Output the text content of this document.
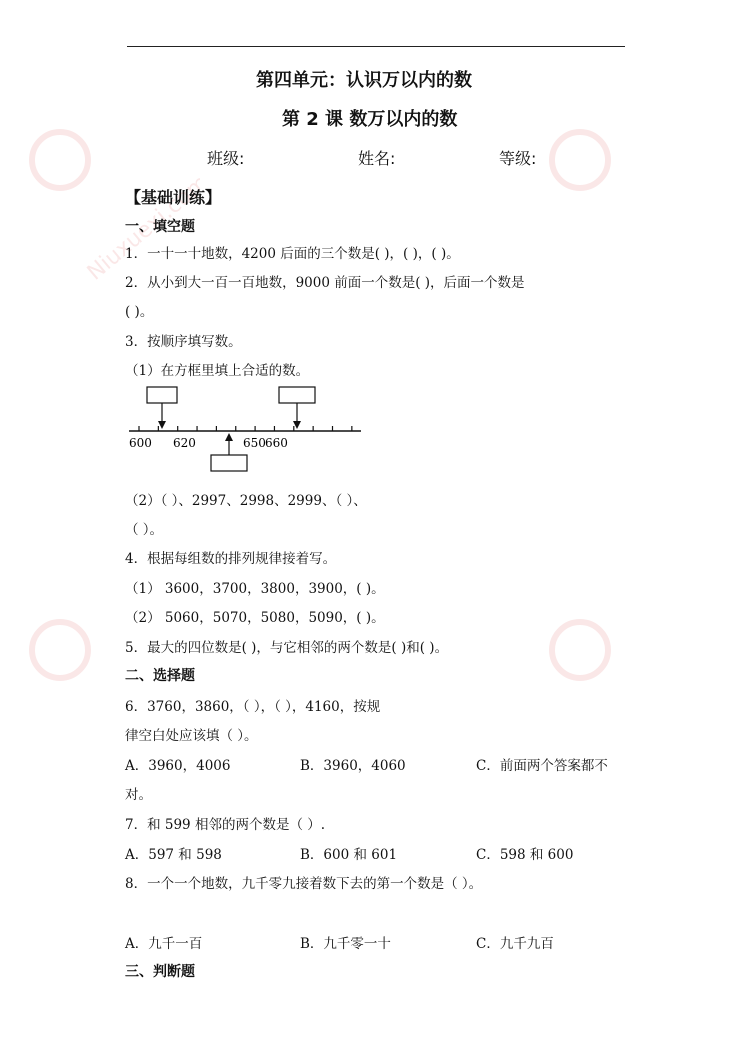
Niuxuexi.com
第四单元：认识万以内的数
第 2 课 数万以内的数
班级:	姓名:	等级:
【基础训练】
一、填空题
1．一十一十地数，4200 后面的三个数是( )，( )，( )。
2．从小到大一百一百地数，9000 前面一个数是( )，后面一个数是
( )。
3．按顺序填写数。
（1）在方框里填上合适的数。
600 620	650 660
（2）（ ）、2997、2998、2999、（ ）、
（ ）。
4．根据每组数的排列规律接着写。
（1） 3600，3700，3800，3900，( )。
（2） 5060，5070，5080，5090，( )。
5．最大的四位数是( )，与它相邻的两个数是( )和( )。
二、选择题
6．3760，3860，（ ），（ ），4160，按规
律空白处应该填（ ）。
A．3960，4006	B．3960，4060	C．前面两个答案都不
对。
7．和 599 相邻的两个数是（ ）.
A．597 和 598	B．600 和 601	C．598 和 600
8．一个一个地数，九千零九接着数下去的第一个数是（ ）。
A．九千一百	B．九千零一十	C．九千九百
三、判断题
